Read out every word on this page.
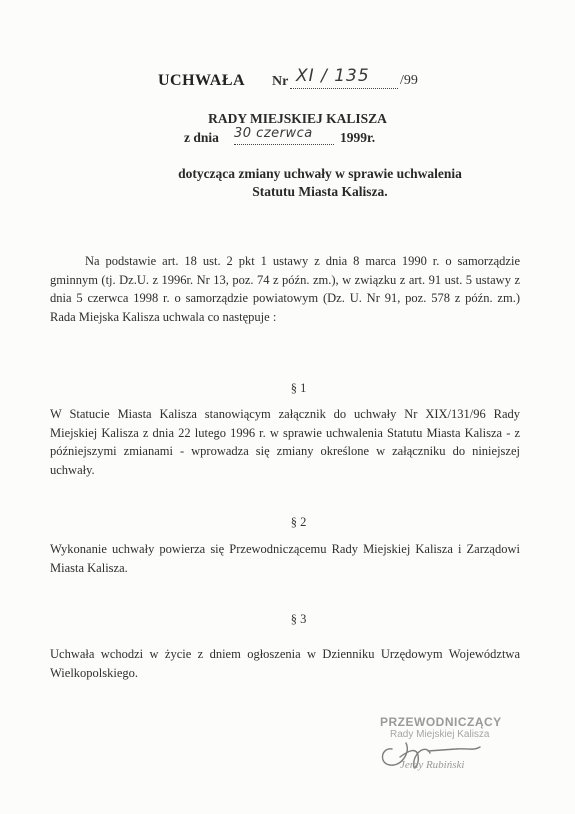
UCHWAŁA Nr XI / 135 /99
RADY MIEJSKIEJ KALISZA
z dnia 30 czerwca 1999r.
dotycząca zmiany uchwały w sprawie uchwalenia
Statutu Miasta Kalisza.
Na podstawie art. 18 ust. 2 pkt 1 ustawy z dnia 8 marca 1990 r. o samorządzie gminnym (tj. Dz.U. z 1996r. Nr 13, poz. 74 z późn. zm.), w związku z art. 91 ust. 5 ustawy z dnia 5 czerwca 1998 r. o samorządzie powiatowym (Dz. U. Nr 91, poz. 578 z późn. zm.) Rada Miejska Kalisza uchwala co następuje :
§ 1
W Statucie Miasta Kalisza stanowiącym załącznik do uchwały Nr XIX/131/96 Rady Miejskiej Kalisza z dnia 22 lutego 1996 r. w sprawie uchwalenia Statutu Miasta Kalisza - z późniejszymi zmianami - wprowadza się zmiany określone w załączniku do niniejszej uchwały.
§ 2
Wykonanie uchwały powierza się Przewodniczącemu Rady Miejskiej Kalisza i Zarządowi Miasta Kalisza.
§ 3
Uchwała wchodzi w życie z dniem ogłoszenia w Dzienniku Urzędowym Województwa Wielkopolskiego.
PRZEWODNICZĄCY
Rady Miejskiej Kalisza
Jerzy Rubiński
